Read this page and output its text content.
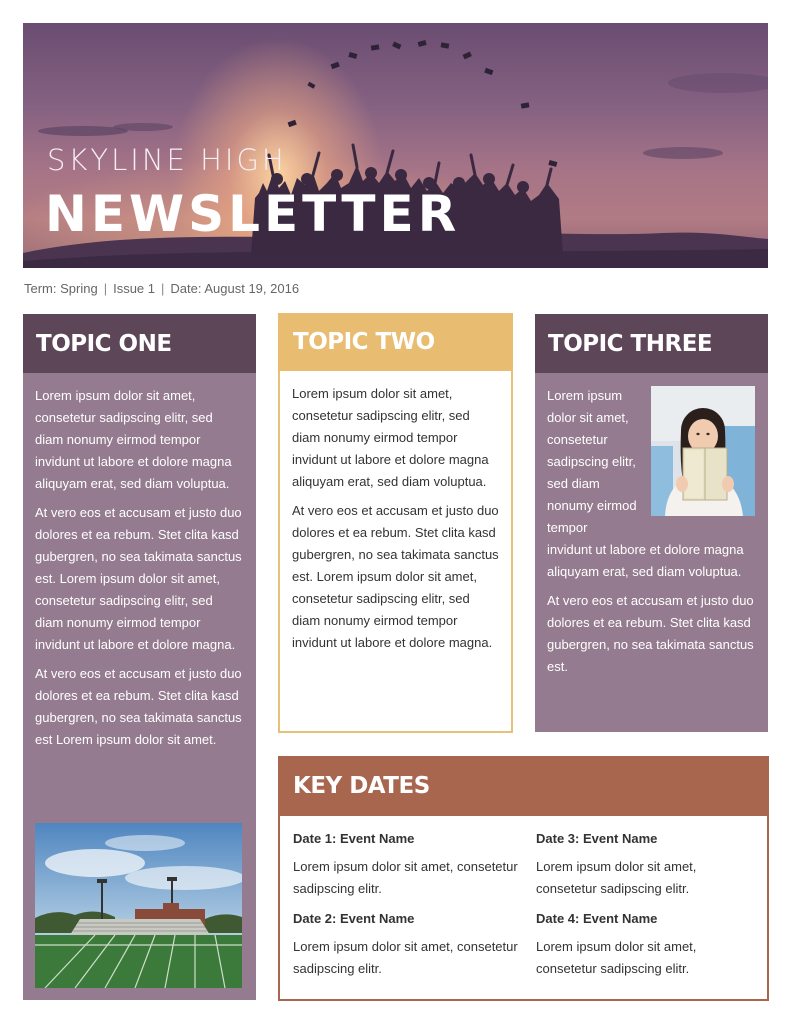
SKYLINE HIGH
NEWSLETTER
Term: Spring | Issue 1 | Date: August 19, 2016
TOPIC ONE

Lorem ipsum dolor sit amet, consetetur sadipscing elitr, sed diam nonumy eirmod tempor invidunt ut labore et dolore magna aliquyam erat, sed diam voluptua.

At vero eos et accusam et justo duo dolores et ea rebum. Stet clita kasd gubergren, no sea takimata sanctus est. Lorem ipsum dolor sit amet, consetetur sadipscing elitr, sed diam nonumy eirmod tempor invidunt ut labore et dolore magna.

At vero eos et accusam et justo duo dolores et ea rebum. Stet clita kasd gubergren, no sea takimata sanctus est Lorem ipsum dolor sit amet.

TOPIC TWO

Lorem ipsum dolor sit amet, consetetur sadipscing elitr, sed diam nonumy eirmod tempor invidunt ut labore et dolore magna aliquyam erat, sed diam voluptua.

At vero eos et accusam et justo duo dolores et ea rebum. Stet clita kasd gubergren, no sea takimata sanctus est. Lorem ipsum dolor sit amet, consetetur sadipscing elitr, sed diam nonumy eirmod tempor invidunt ut labore et dolore magna.

TOPIC THREE
Lorem ipsum
dolor sit amet,
consetetur
sadipscing elitr,
sed diam
nonumy eirmod
tempor

invidunt ut labore et dolore magna aliquyam erat, sed diam voluptua.

At vero eos et accusam et justo duo dolores et ea rebum. Stet clita kasd gubergren, no sea takimata sanctus est.

KEY DATES
Date 1: Event Name

Lorem ipsum dolor sit amet, consetetur sadipscing elitr.

Date 3: Event Name

Lorem ipsum dolor sit amet, consetetur sadipscing elitr.

Date 2: Event Name

Lorem ipsum dolor sit amet, consetetur sadipscing elitr.

Date 4: Event Name

Lorem ipsum dolor sit amet, consetetur sadipscing elitr.
